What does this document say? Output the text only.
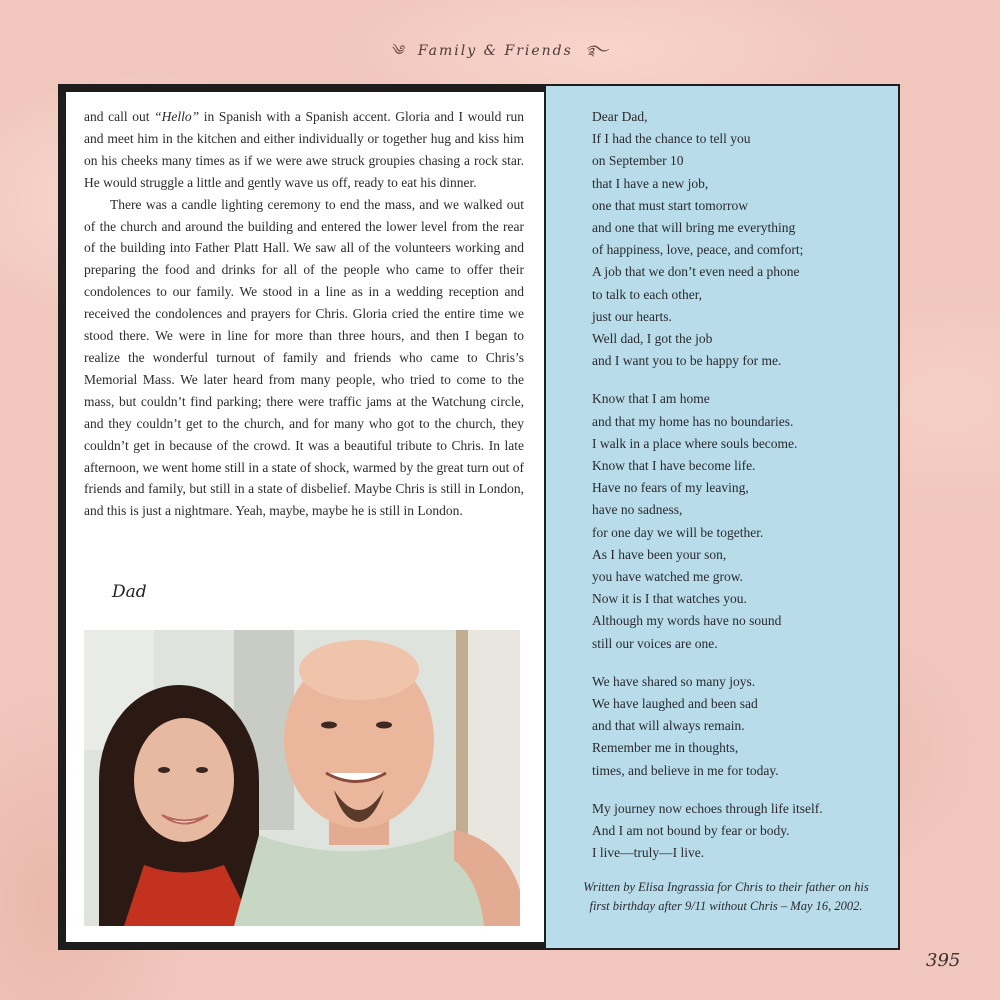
༄ Family & Friends ࿐

and call out “Hello” in Spanish with a Spanish accent. Gloria and I would run and meet him in the kitchen and either individually or together hug and kiss him on his cheeks many times as if we were awe struck groupies chasing a rock star. He would struggle a little and gently wave us off, ready to eat his dinner.

There was a candle lighting ceremony to end the mass, and we walked out of the church and around the building and entered the lower level from the rear of the building into Father Platt Hall. We saw all of the volunteers working and preparing the food and drinks for all of the people who came to offer their condolences to our family. We stood in a line as in a wedding reception and received the condolences and prayers for Chris. Gloria cried the entire time we stood there. We were in line for more than three hours, and then I began to realize the wonderful turnout of family and friends who came to Chris’s Memorial Mass. We later heard from many people, who tried to come to the mass, but couldn’t find parking; there were traffic jams at the Watchung circle, and they couldn’t get to the church, and for many who got to the church, they couldn’t get in because of the crowd. It was a beautiful tribute to Chris. In late afternoon, we went home still in a state of shock, warmed by the great turn out of friends and family, but still in a state of disbelief. Maybe Chris is still in London, and this is just a nightmare. Yeah, maybe, maybe he is still in London.

Dad
Dear Dad,
If I had the chance to tell you
on September 10
that I have a new job,
one that must start tomorrow
and one that will bring me everything
of happiness, love, peace, and comfort;
A job that we don’t even need a phone
to talk to each other,
just our hearts.
Well dad, I got the job
and I want you to be happy for me.
Know that I am home
and that my home has no boundaries.
I walk in a place where souls become.
Know that I have become life.
Have no fears of my leaving,
have no sadness,
for one day we will be together.
As I have been your son,
you have watched me grow.
Now it is I that watches you.
Although my words have no sound
still our voices are one.
We have shared so many joys.
We have laughed and been sad
and that will always remain.
Remember me in thoughts,
times, and believe in me for today.
My journey now echoes through life itself.
And I am not bound by fear or body.
I live—truly—I live.
Written by Elisa Ingrassia for Chris to their father on his
first birthday after 9/11 without Chris – May 16, 2002.
395
